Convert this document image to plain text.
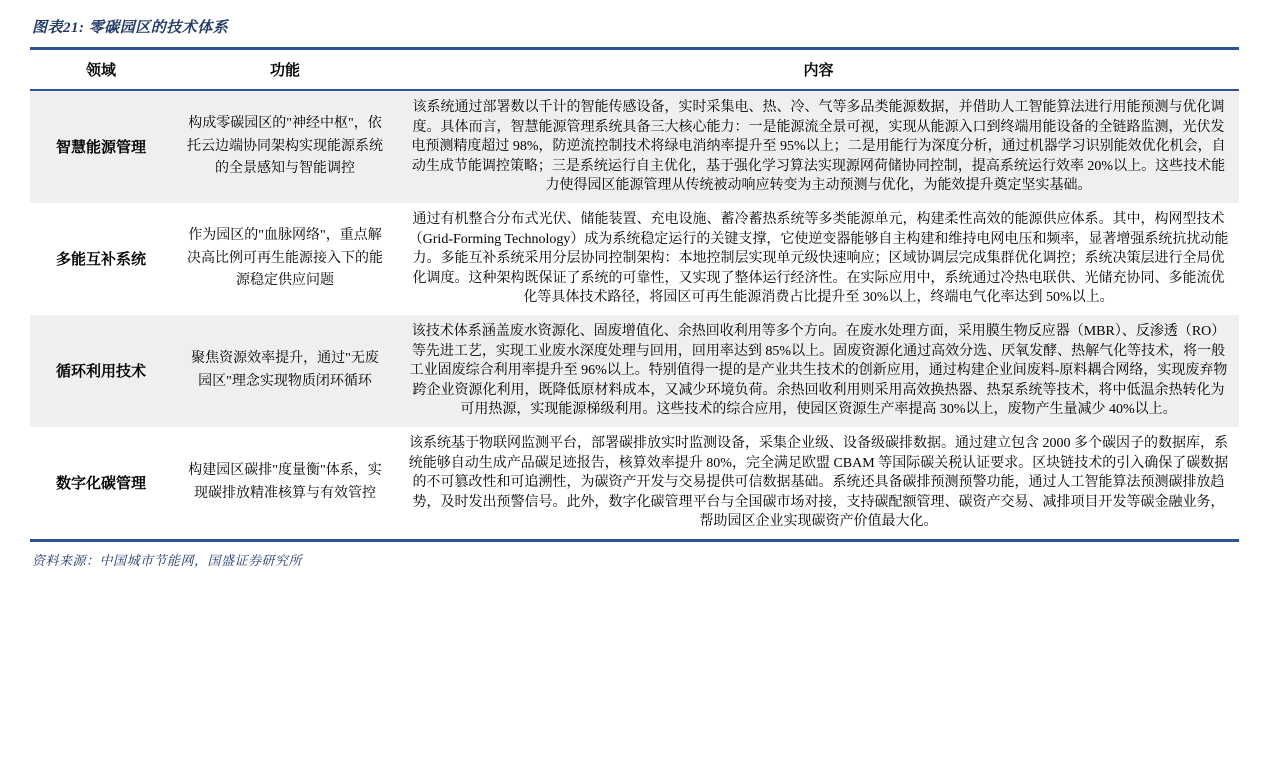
图表21: 零碳园区的技术体系
领域	功能	内容
智慧能源管理	构成零碳园区的"神经中枢"，依托云边端协同架构实现能源系统的全景感知与智能调控	该系统通过部署数以千计的智能传感设备，实时采集电、热、冷、气等多品类能源数据，并借助人工智能算法进行用能预测与优化调度。具体而言，智慧能源管理系统具备三大核心能力：一是能源流全景可视，实现从能源入口到终端用能设备的全链路监测，光伏发电预测精度超过 98%，防逆流控制技术将绿电消纳率提升至 95%以上；二是用能行为深度分析，通过机器学习识别能效优化机会，自动生成节能调控策略；三是系统运行自主优化，基于强化学习算法实现源网荷储协同控制，提高系统运行效率 20%以上。这些技术能力使得园区能源管理从传统被动响应转变为主动预测与优化，为能效提升奠定坚实基础。
多能互补系统	作为园区的"血脉网络"，重点解决高比例可再生能源接入下的能源稳定供应问题	通过有机整合分布式光伏、储能装置、充电设施、蓄冷蓄热系统等多类能源单元，构建柔性高效的能源供应体系。其中，构网型技术（Grid-Forming Technology）成为系统稳定运行的关键支撑，它使逆变器能够自主构建和维持电网电压和频率，显著增强系统抗扰动能力。多能互补系统采用分层协同控制架构：本地控制层实现单元级快速响应；区域协调层完成集群优化调控；系统决策层进行全局优化调度。这种架构既保证了系统的可靠性，又实现了整体运行经济性。在实际应用中，系统通过冷热电联供、光储充协同、多能流优化等具体技术路径，将园区可再生能源消费占比提升至 30%以上，终端电气化率达到 50%以上。
循环利用技术	聚焦资源效率提升，通过"无废园区"理念实现物质闭环循环	该技术体系涵盖废水资源化、固废增值化、余热回收利用等多个方向。在废水处理方面，采用膜生物反应器（MBR）、反渗透（RO）等先进工艺，实现工业废水深度处理与回用，回用率达到 85%以上。固废资源化通过高效分选、厌氧发酵、热解气化等技术，将一般工业固废综合利用率提升至 96%以上。特别值得一提的是产业共生技术的创新应用，通过构建企业间废料-原料耦合网络，实现废弃物跨企业资源化利用，既降低原材料成本，又减少环境负荷。余热回收利用则采用高效换热器、热泵系统等技术，将中低温余热转化为可用热源，实现能源梯级利用。这些技术的综合应用，使园区资源生产率提高 30%以上，废物产生量减少 40%以上。
数字化碳管理	构建园区碳排"度量衡"体系，实现碳排放精准核算与有效管控	该系统基于物联网监测平台，部署碳排放实时监测设备，采集企业级、设备级碳排数据。通过建立包含 2000 多个碳因子的数据库，系统能够自动生成产品碳足迹报告，核算效率提升 80%，完全满足欧盟 CBAM 等国际碳关税认证要求。区块链技术的引入确保了碳数据的不可篡改性和可追溯性，为碳资产开发与交易提供可信数据基础。系统还具备碳排预测预警功能，通过人工智能算法预测碳排放趋势，及时发出预警信号。此外，数字化碳管理平台与全国碳市场对接，支持碳配额管理、碳资产交易、减排项目开发等碳金融业务，帮助园区企业实现碳资产价值最大化。
资料来源：中国城市节能网，国盛证券研究所
